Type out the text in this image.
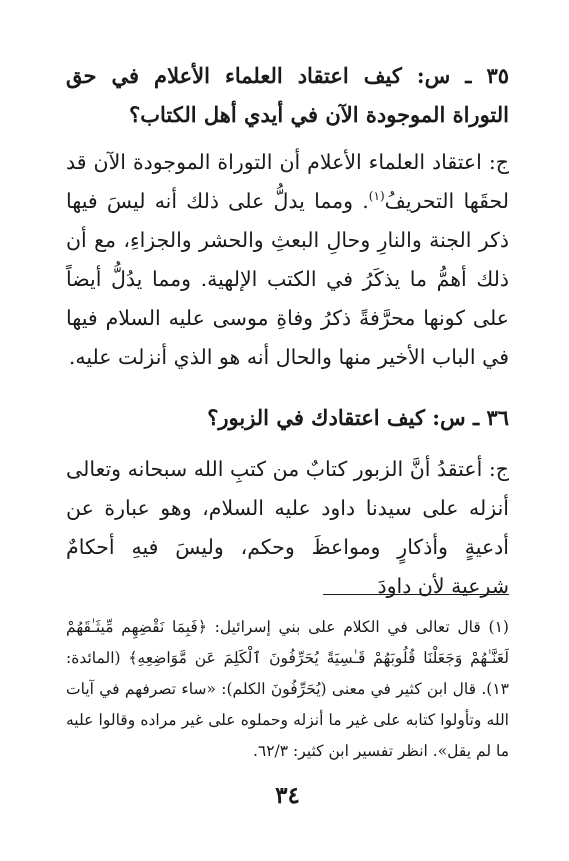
٣٥ ـ س: كيف اعتقاد العلماء الأعلام في حق التوراة الموجودة الآن في أيدي أهل الكتاب؟

ج: اعتقاد العلماء الأعلام أن التوراة الموجودة الآن قد لحقَها التحريفُ$^{(١)}$. ومما يدلُّ على ذلك أنه ليسَ فيها ذكر الجنة والنارِ وحالِ البعثِ والحشر والجزاءِ، مع أن ذلك أهمُّ ما يذكَرُ في الكتب الإلهية. ومما يدُلُّ أيضاً على كونها محرَّفةً ذكرُ وفاةِ موسى عليه السلام فيها في الباب الأخير منها والحال أنه هو الذي أنزلت عليه.

٣٦ ـ س: كيف اعتقادك في الزبور؟

ج: أعتقدُ أنَّ الزبور كتابٌ من كتبِ الله سبحانه وتعالى أنزله على سيدنا داود عليه السلام، وهو عبارة عن أدعيةٍ وأذكارٍ ومواعظَ وحكم، وليسَ فيهِ أحكامٌ شرعية لأن داودَ

(١) قال تعالى في الكلام على بني إسرائيل: ﴿فَبِمَا نَقْضِهِم مِّيثَـٰقَهُمْ لَعَنَّـٰهُمْ وَجَعَلْنَا قُلُوبَهُمْ قَـٰسِيَةً يُحَرِّفُونَ ٱلْكَلِمَ عَن مَّوَاضِعِهِ﴾ (المائدة: ١٣). قال ابن كثير في معنى (يُحَرِّفُونَ الكلم): «ساء تصرفهم في آيات الله وتأولوا كتابه على غير ما أنزله وحملوه على غير مراده وقالوا عليه ما لم يقل». انظر تفسير ابن كثير: ٦٢/٣.

٣٤
